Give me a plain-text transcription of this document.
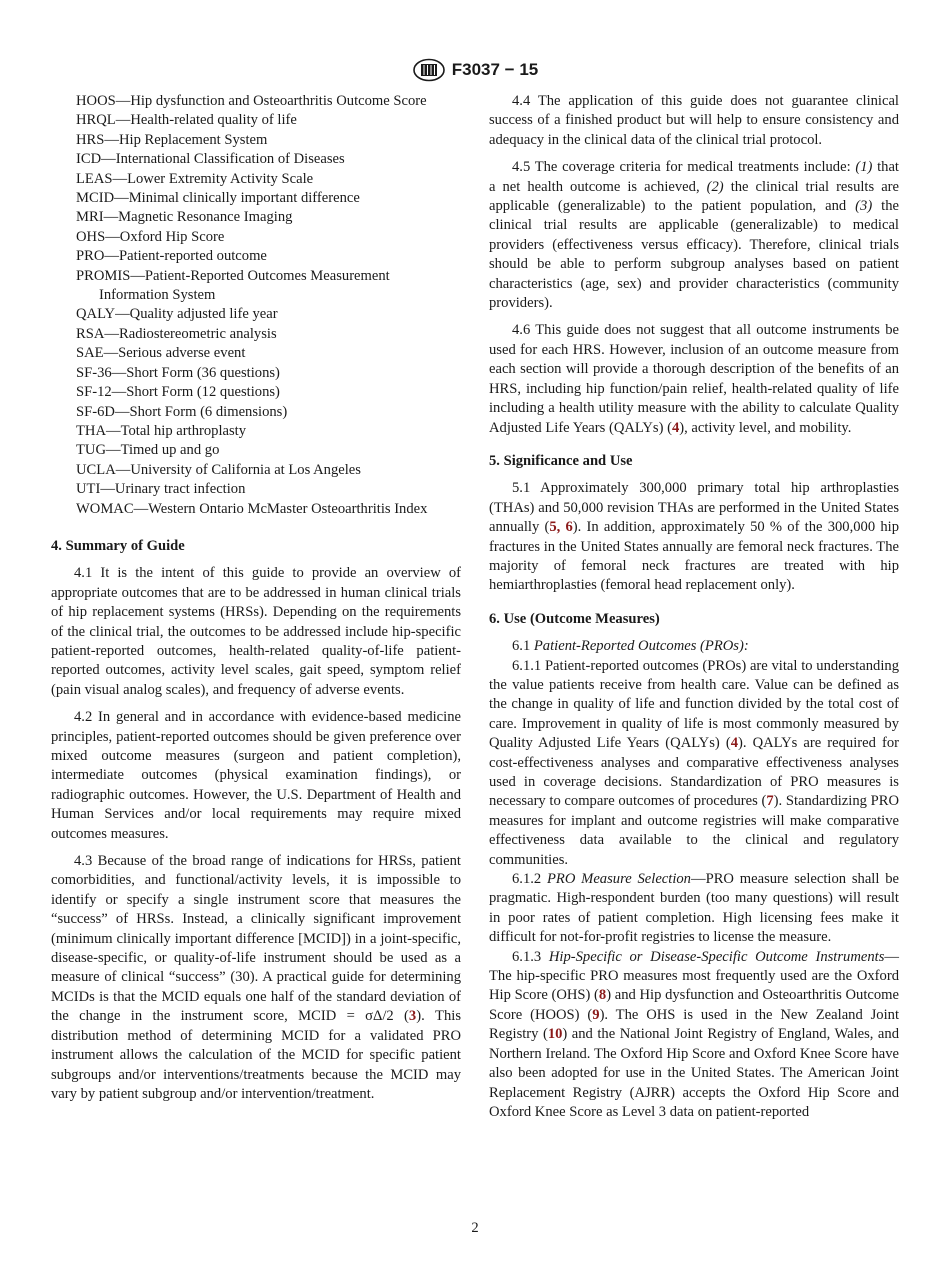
F3037 − 15

HOOS—Hip dysfunction and Osteoarthritis Outcome Score

HRQL—Health-related quality of life

HRS—Hip Replacement System

ICD—International Classification of Diseases

LEAS—Lower Extremity Activity Scale

MCID—Minimal clinically important difference

MRI—Magnetic Resonance Imaging

OHS—Oxford Hip Score

PRO—Patient-reported outcome

PROMIS—Patient-Reported Outcomes Measurement Information System

QALY—Quality adjusted life year

RSA—Radiostereometric analysis

SAE—Serious adverse event

SF-36—Short Form (36 questions)

SF-12—Short Form (12 questions)

SF-6D—Short Form (6 dimensions)

THA—Total hip arthroplasty

TUG—Timed up and go

UCLA—University of California at Los Angeles

UTI—Urinary tract infection

WOMAC—Western Ontario McMaster Osteoarthritis Index

4. Summary of Guide

4.1 It is the intent of this guide to provide an overview of appropriate outcomes that are to be addressed in human clinical trials of hip replacement systems (HRSs). Depending on the requirements of the clinical trial, the outcomes to be addressed include hip-specific patient-reported outcomes, health-related quality-of-life patient-reported outcomes, activity level scales, gait speed, symptom relief (pain visual analog scales), and frequency of adverse events.

4.2 In general and in accordance with evidence-based medicine principles, patient-reported outcomes should be given preference over mixed outcome measures (surgeon and patient completion), intermediate outcomes (physical examination findings), or radiographic outcomes. However, the U.S. Department of Health and Human Services and/or local requirements may require mixed outcomes measures.

4.3 Because of the broad range of indications for HRSs, patient comorbidities, and functional/activity levels, it is impossible to identify or specify a single instrument score that measures the “success” of HRSs. Instead, a clinically significant improvement (minimum clinically important difference [MCID]) in a joint-specific, disease-specific, or quality-of-life instrument should be used as a measure of clinical “success” (30). A practical guide for determining MCIDs is that the MCID equals one half of the standard deviation of the change in the instrument score, MCID = σΔ/2 (3). This distribution method of determining MCID for a validated PRO instrument allows the calculation of the MCID for specific patient subgroups and/or interventions/treatments because the MCID may vary by patient subgroup and/or intervention/treatment.

4.4 The application of this guide does not guarantee clinical success of a finished product but will help to ensure consistency and adequacy in the clinical data of the clinical trial protocol.

4.5 The coverage criteria for medical treatments include: (1) that a net health outcome is achieved, (2) the clinical trial results are applicable (generalizable) to the patient population, and (3) the clinical trial results are applicable (generalizable) to medical providers (effectiveness versus efficacy). Therefore, clinical trials should be able to perform subgroup analyses based on patient characteristics (age, sex) and provider characteristics (community providers).

4.6 This guide does not suggest that all outcome instruments be used for each HRS. However, inclusion of an outcome measure from each section will provide a thorough description of the benefits of an HRS, including hip function/pain relief, health-related quality of life including a health utility measure with the ability to calculate Quality Adjusted Life Years (QALYs) (4), activity level, and mobility.

5. Significance and Use

5.1 Approximately 300,000 primary total hip arthroplasties (THAs) and 50,000 revision THAs are performed in the United States annually (5, 6). In addition, approximately 50 % of the 300,000 hip fractures in the United States annually are femoral neck fractures. The majority of femoral neck fractures are treated with hip hemiarthroplasties (femoral head replacement only).

6. Use (Outcome Measures)

6.1 Patient-Reported Outcomes (PROs):

6.1.1 Patient-reported outcomes (PROs) are vital to understanding the value patients receive from health care. Value can be defined as the change in quality of life and function divided by the total cost of care. Improvement in quality of life is most commonly measured by Quality Adjusted Life Years (QALYs) (4). QALYs are required for cost-effectiveness analyses and comparative effectiveness analyses used in coverage decisions. Standardization of PRO measures is necessary to compare outcomes of procedures (7). Standardizing PRO measures for implant and outcome registries will make comparative effectiveness data available to the clinical and regulatory communities.

6.1.2 PRO Measure Selection—PRO measure selection shall be pragmatic. High-respondent burden (too many questions) will result in poor rates of patient completion. High licensing fees make it difficult for not-for-profit registries to license the measure.

6.1.3 Hip-Specific or Disease-Specific Outcome Instruments—The hip-specific PRO measures most frequently used are the Oxford Hip Score (OHS) (8) and Hip dysfunction and Osteoarthritis Outcome Score (HOOS) (9). The OHS is used in the New Zealand Joint Registry (10) and the National Joint Registry of England, Wales, and Northern Ireland. The Oxford Hip Score and Oxford Knee Score have also been adopted for use in the United States. The American Joint Replacement Registry (AJRR) accepts the Oxford Hip Score and Oxford Knee Score as Level 3 data on patient-reported

2
